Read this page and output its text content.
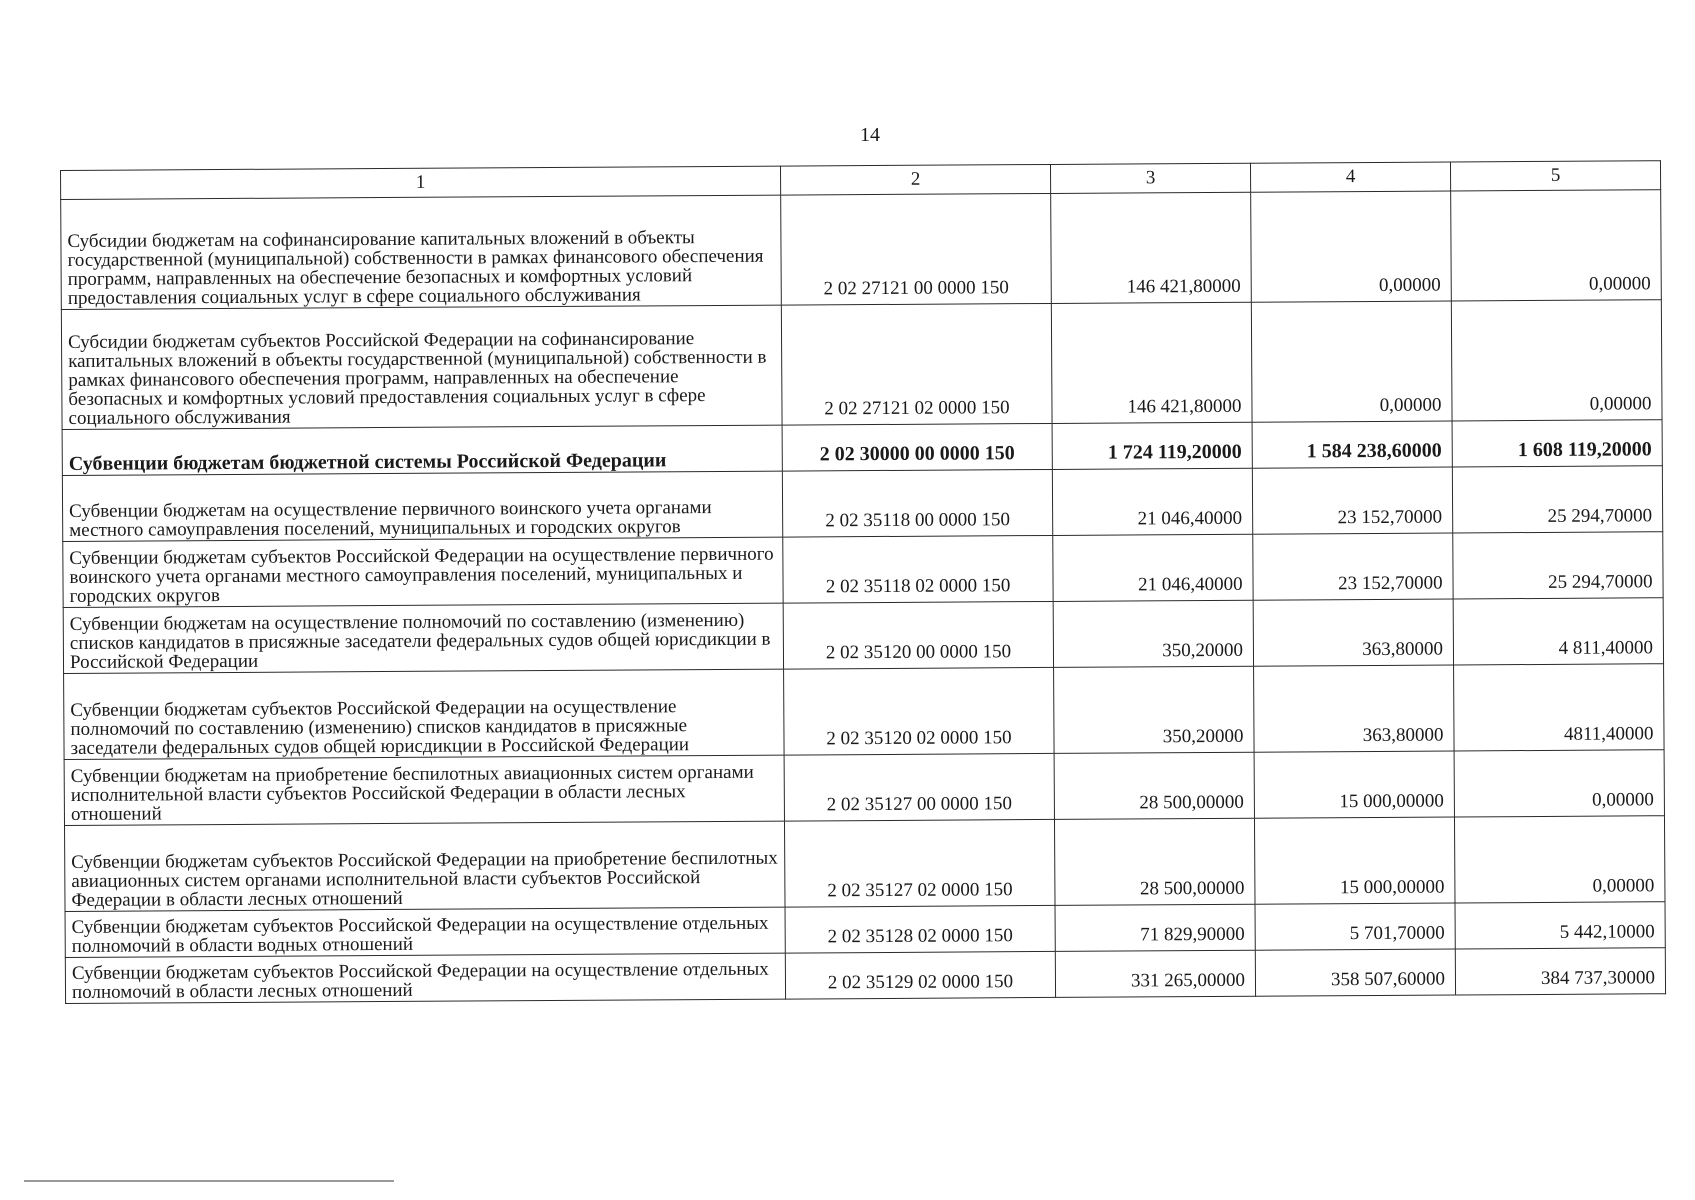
14
1	2	3	4	5
Субсидии бюджетам на софинансирование капитальных вложений в объекты государственной (муниципальной) собственности в рамках финансового обеспечения программ, направленных на обеспечение безопасных и комфортных условий предоставления социальных услуг в сфере социального обслуживания	2 02 27121 00 0000 150	146 421,80000	0,00000	0,00000
Субсидии бюджетам субъектов Российской Федерации на софинансирование капитальных вложений в объекты государственной (муниципальной) собственности в рамках финансового обеспечения программ, направленных на обеспечение безопасных и комфортных условий предоставления социальных услуг в сфере социального обслуживания	2 02 27121 02 0000 150	146 421,80000	0,00000	0,00000
Субвенции бюджетам бюджетной системы Российской Федерации	2 02 30000 00 0000 150	1 724 119,20000	1 584 238,60000	1 608 119,20000
Субвенции бюджетам на осуществление первичного воинского учета органами местного самоуправления поселений, муниципальных и городских округов	2 02 35118 00 0000 150	21 046,40000	23 152,70000	25 294,70000
Субвенции бюджетам субъектов Российской Федерации на осуществление первичного воинского учета органами местного самоуправления поселений, муниципальных и городских округов	2 02 35118 02 0000 150	21 046,40000	23 152,70000	25 294,70000
Субвенции бюджетам на осуществление полномочий по составлению (изменению) списков кандидатов в присяжные заседатели федеральных судов общей юрисдикции в Российской Федерации	2 02 35120 00 0000 150	350,20000	363,80000	4 811,40000
Субвенции бюджетам субъектов Российской Федерации на осуществление полномочий по составлению (изменению) списков кандидатов в присяжные заседатели федеральных судов общей юрисдикции в Российской Федерации	2 02 35120 02 0000 150	350,20000	363,80000	4811,40000
Субвенции бюджетам на приобретение беспилотных авиационных систем органами исполнительной власти субъектов Российской Федерации в области лесных отношений	2 02 35127 00 0000 150	28 500,00000	15 000,00000	0,00000
Субвенции бюджетам субъектов Российской Федерации на приобретение беспилотных авиационных систем органами исполнительной власти субъектов Российской Федерации в области лесных отношений	2 02 35127 02 0000 150	28 500,00000	15 000,00000	0,00000
Субвенции бюджетам субъектов Российской Федерации на осуществление отдельных полномочий в области водных отношений	2 02 35128 02 0000 150	71 829,90000	5 701,70000	5 442,10000
Субвенции бюджетам субъектов Российской Федерации на осуществление отдельных полномочий в области лесных отношений	2 02 35129 02 0000 150	331 265,00000	358 507,60000	384 737,30000
